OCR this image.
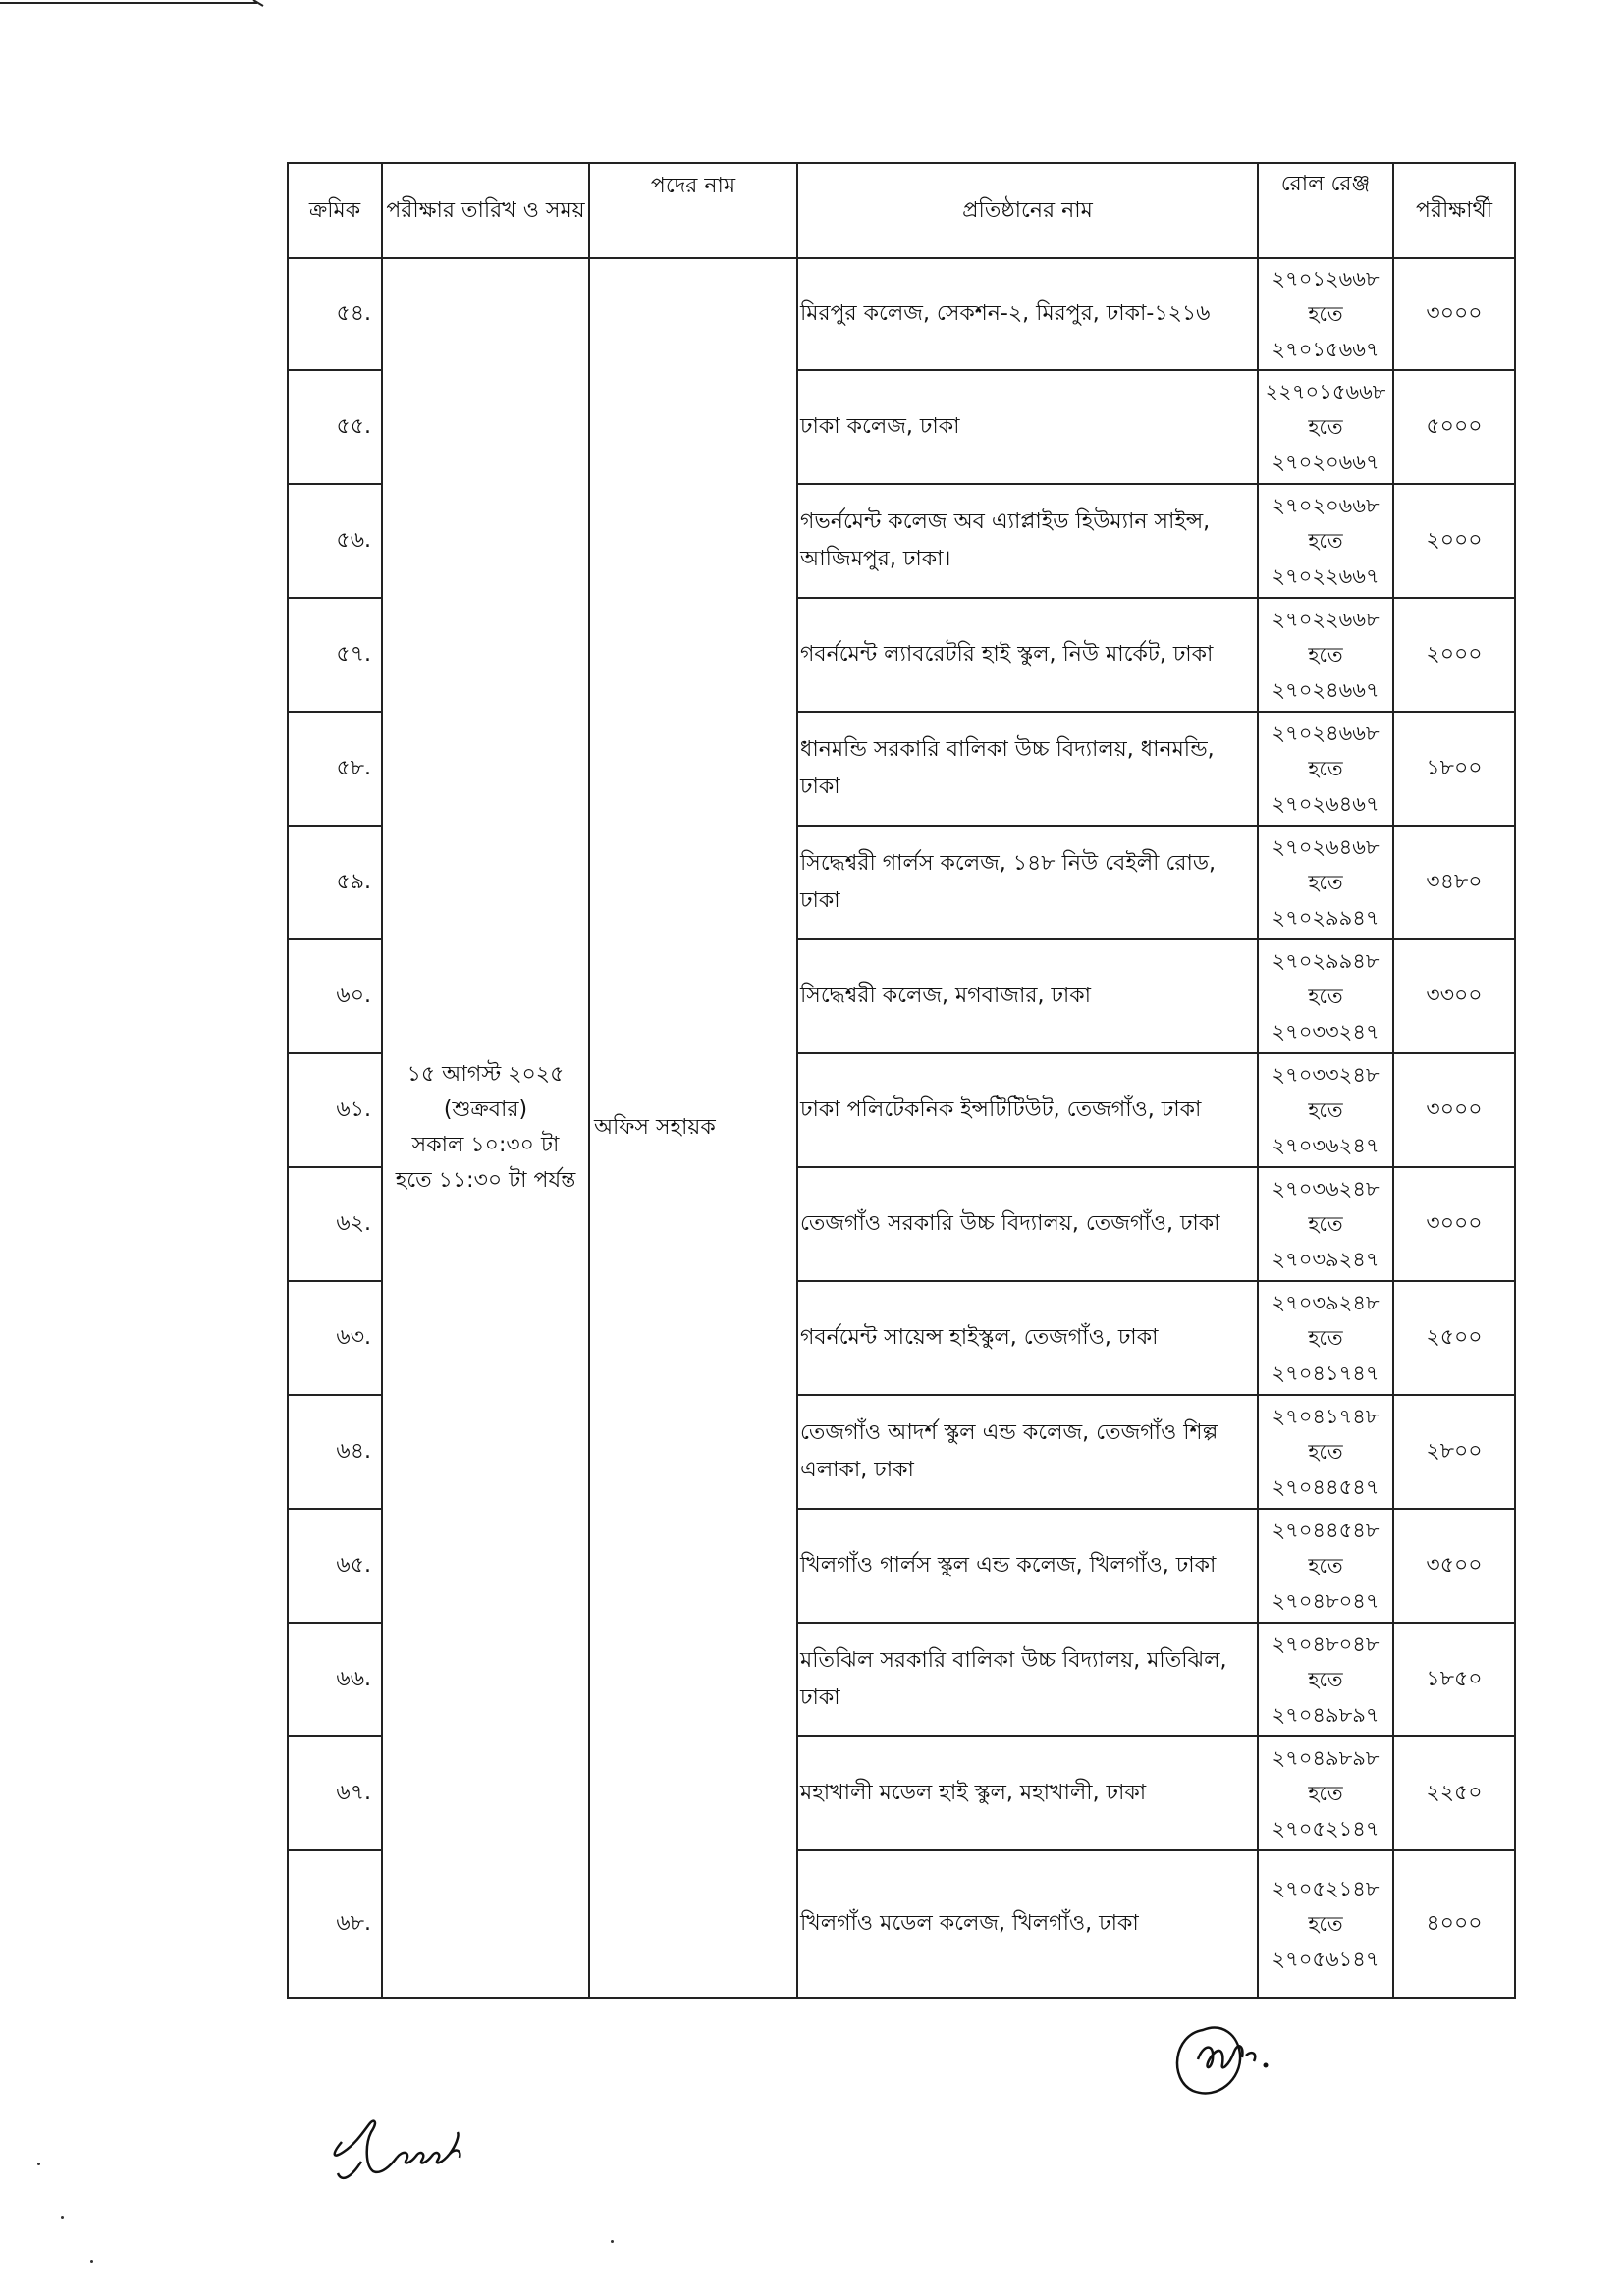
ক্রমিক	পরীক্ষার তারিখ ও সময়	পদের নাম	প্রতিষ্ঠানের নাম	রোল রেঞ্জ	পরীক্ষার্থী
৫৪.	১৫ আগস্ট ২০২৫
(শুক্রবার)
সকাল ১০:৩০ টা
হতে ১১:৩০ টা পর্যন্ত	অফিস সহায়ক	মিরপুর কলেজ, সেকশন-২, মিরপুর, ঢাকা-১২১৬	২৭০১২৬৬৮
হতে
২৭০১৫৬৬৭	৩০০০
৫৫.			ঢাকা কলেজ, ঢাকা	২২৭০১৫৬৬৮
হতে
২৭০২০৬৬৭	৫০০০
৫৬.			গভর্নমেন্ট কলেজ অব এ্যাপ্লাইড হিউম্যান সাইন্স, আজিমপুর, ঢাকা।	২৭০২০৬৬৮
হতে
২৭০২২৬৬৭	২০০০
৫৭.			গবর্নমেন্ট ল্যাবরেটরি হাই স্কুল, নিউ মার্কেট, ঢাকা	২৭০২২৬৬৮
হতে
২৭০২৪৬৬৭	২০০০
৫৮.			ধানমন্ডি সরকারি বালিকা উচ্চ বিদ্যালয়, ধানমন্ডি, ঢাকা	২৭০২৪৬৬৮
হতে
২৭০২৬৪৬৭	১৮০০
৫৯.			সিদ্ধেশ্বরী গার্লস কলেজ, ১৪৮ নিউ বেইলী রোড, ঢাকা	২৭০২৬৪৬৮
হতে
২৭০২৯৯৪৭	৩৪৮০
৬০.			সিদ্ধেশ্বরী কলেজ, মগবাজার, ঢাকা	২৭০২৯৯৪৮
হতে
২৭০৩৩২৪৭	৩৩০০
৬১.			ঢাকা পলিটেকনিক ইন্সটিটিউট, তেজগাঁও, ঢাকা	২৭০৩৩২৪৮
হতে
২৭০৩৬২৪৭	৩০০০
৬২.			তেজগাঁও সরকারি উচ্চ বিদ্যালয়, তেজগাঁও, ঢাকা	২৭০৩৬২৪৮
হতে
২৭০৩৯২৪৭	৩০০০
৬৩.			গবর্নমেন্ট সায়েন্স হাইস্কুল, তেজগাঁও, ঢাকা	২৭০৩৯২৪৮
হতে
২৭০৪১৭৪৭	২৫০০
৬৪.			তেজগাঁও আদর্শ স্কুল এন্ড কলেজ, তেজগাঁও শিল্প এলাকা, ঢাকা	২৭০৪১৭৪৮
হতে
২৭০৪৪৫৪৭	২৮০০
৬৫.			খিলগাঁও গার্লস স্কুল এন্ড কলেজ, খিলগাঁও, ঢাকা	২৭০৪৪৫৪৮
হতে
২৭০৪৮০৪৭	৩৫০০
৬৬.			মতিঝিল সরকারি বালিকা উচ্চ বিদ্যালয়, মতিঝিল, ঢাকা	২৭০৪৮০৪৮
হতে
২৭০৪৯৮৯৭	১৮৫০
৬৭.			মহাখালী মডেল হাই স্কুল, মহাখালী, ঢাকা	২৭০৪৯৮৯৮
হতে
২৭০৫২১৪৭	২২৫০
৬৮.			খিলগাঁও মডেল কলেজ, খিলগাঁও, ঢাকা	২৭০৫২১৪৮
হতে
২৭০৫৬১৪৭	৪০০০
